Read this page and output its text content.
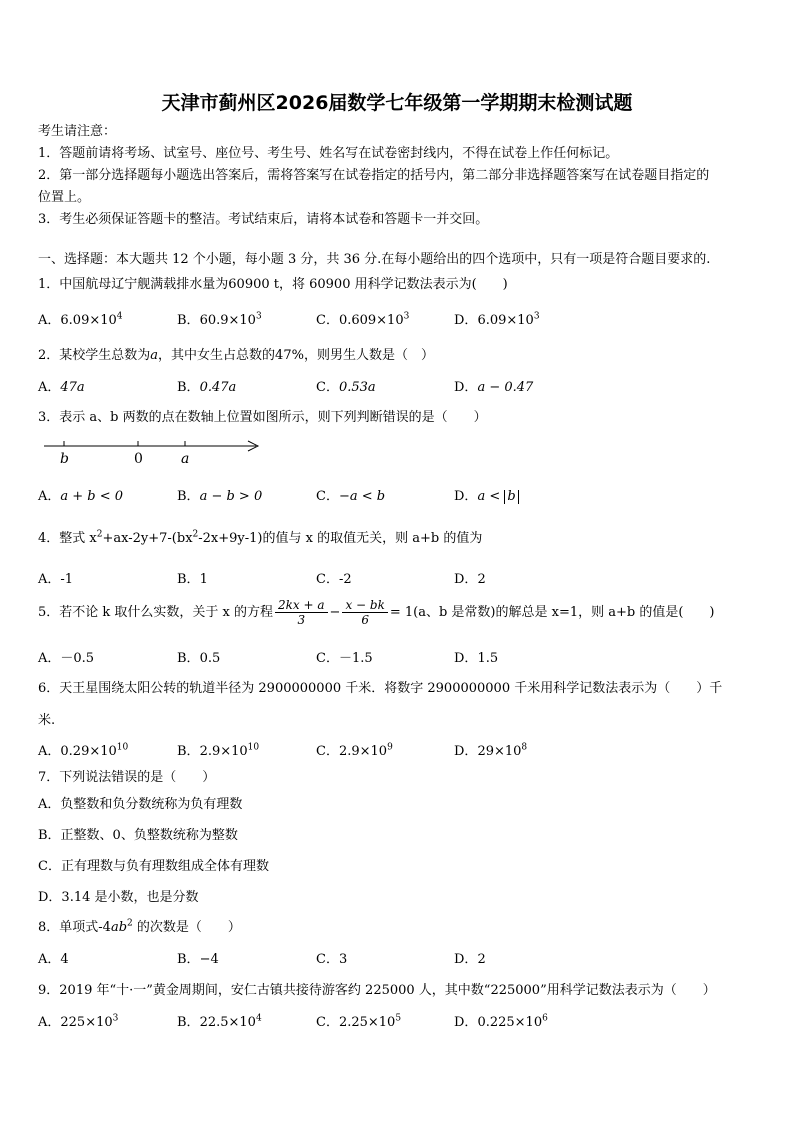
天津市蓟州区2026届数学七年级第一学期期末检测试题
考生请注意：
1．答题前请将考场、试室号、座位号、考生号、姓名写在试卷密封线内，不得在试卷上作任何标记。
2．第一部分选择题每小题选出答案后，需将答案写在试卷指定的括号内，第二部分非选择题答案写在试卷题目指定的
位置上。
3．考生必须保证答题卡的整洁。考试结束后，请将本试卷和答题卡一并交回。
一、选择题：本大题共 12 个小题，每小题 3 分，共 36 分.在每小题给出的四个选项中，只有一项是符合题目要求的.
1．中国航母辽宁舰满载排水量为60900 t，将 60900 用科学记数法表示为(　　)
A．$6.09\times 10^4$	B．$60.9\times 10^3$	C．$0.609\times 10^3$	D．$6.09\times 10^3$
2．某校学生总数为a，其中女生占总数的47%，则男生人数是（　）
A．47a	B．0.47a	C．0.53a	D．a − 0.47
3．表示 a、b 两数的点在数轴上位置如图所示，则下列判断错误的是（　　）
b	0	a
A．a + b < 0	B．a − b > 0	C．−a < b	D．a < b
4．整式 $x^2+ax-2y+7-(bx^2-2x+9y-1)$的值与 x 的取值无关，则 a+b 的值为
A．-1	B．1	C．-2	D．2
5．若不论 k 取什么实数，关于 x 的方程 $\frac{2kx + a}{3} - \frac{x - bk}{6} = 1(a$、b 是常数)的解总是 x=1，则 a+b 的值是(　　)
A．－0.5	B．0.5	C．－1.5	D．1.5
6．天王星围绕太阳公转的轨道半径为 2900000000 千米．将数字 2900000000 千米用科学记数法表示为（　　）千
米.
A．$0.29\times 10^{10}$	B．$2.9\times 10^{10}$	C．$2.9\times 10^9$	D．$29\times 10^8$
7．下列说法错误的是（　　）
A．负整数和负分数统称为负有理数
B．正整数、0、负整数统称为整数
C．正有理数与负有理数组成全体有理数
D．3.14 是小数，也是分数
8．单项式$-4ab^2$ 的次数是（　　）
A．4	B．−4	C．3	D．2
9．2019 年“十·一”黄金周期间，安仁古镇共接待游客约 225000 人，其中数“225000”用科学记数法表示为（　　）
A．$225\times 10^3$	B．$22.5\times 10^4$	C．$2.25\times 10^5$	D．$0.225\times 10^6$
